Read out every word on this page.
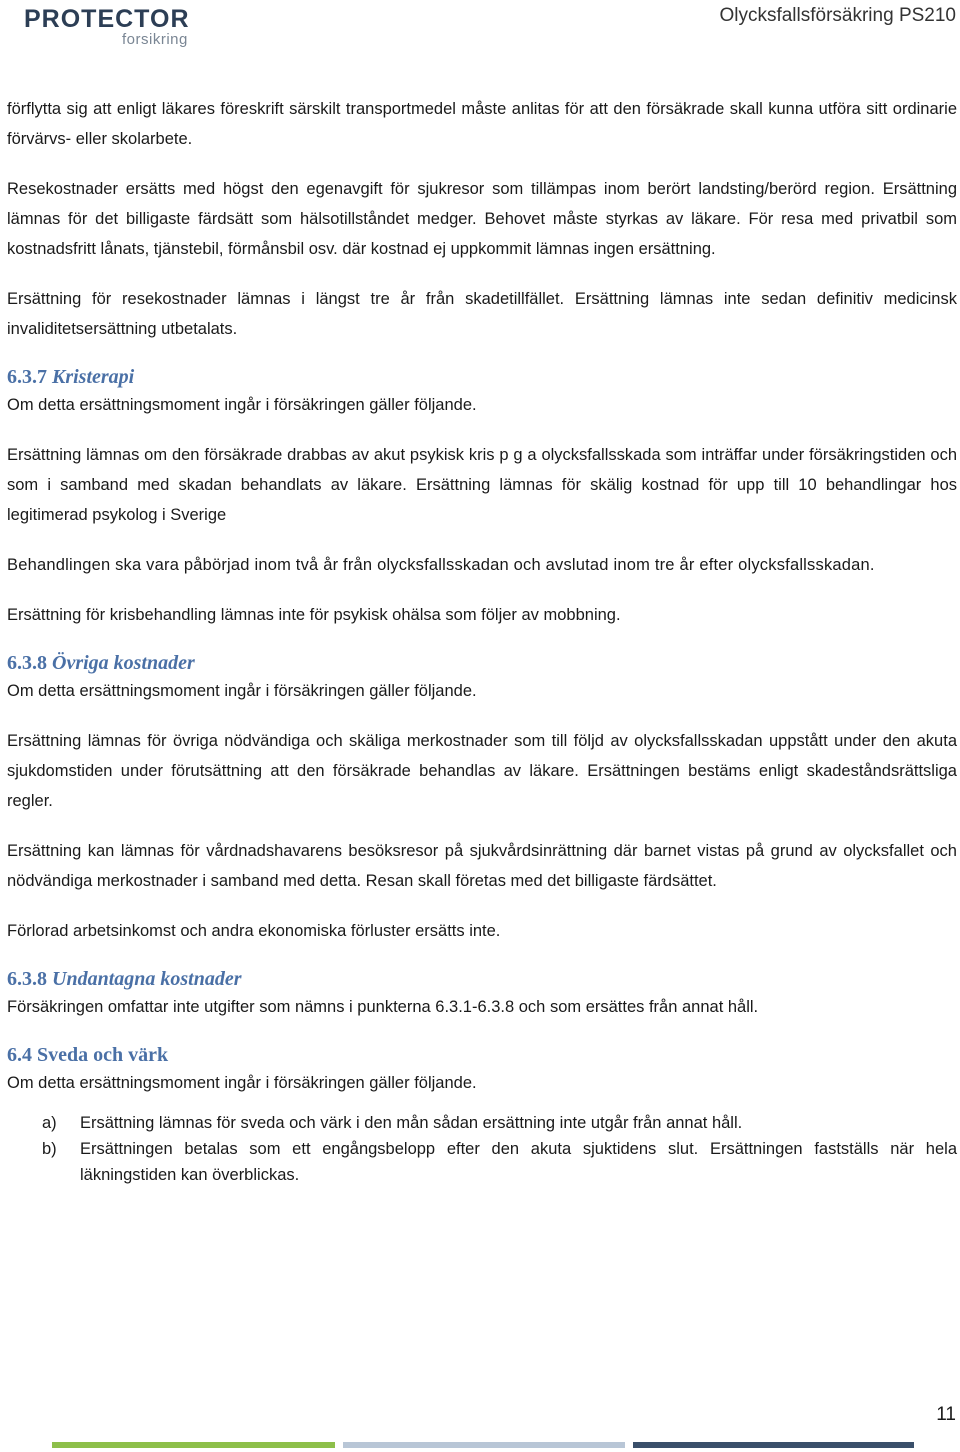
PROTECTOR
forsikring
Olycksfallsförsäkring PS210

förflytta sig att enligt läkares föreskrift särskilt transportmedel måste anlitas för att den försäkrade skall kunna utföra sitt ordinarie förvärvs- eller skolarbete.

Resekostnader ersätts med högst den egenavgift för sjukresor som tillämpas inom berört landsting/berörd region. Ersättning lämnas för det billigaste färdsätt som hälsotillståndet medger. Behovet måste styrkas av läkare. För resa med privatbil som kostnadsfritt lånats, tjänstebil, förmånsbil osv. där kostnad ej uppkommit lämnas ingen ersättning.

Ersättning för resekostnader lämnas i längst tre år från skadetillfället. Ersättning lämnas inte sedan definitiv medicinsk invaliditetsersättning utbetalats.

6.3.7 Kristerapi

Om detta ersättningsmoment ingår i försäkringen gäller följande.

Ersättning lämnas om den försäkrade drabbas av akut psykisk kris p g a olycksfallsskada som inträffar under försäkringstiden och som i samband med skadan behandlats av läkare. Ersättning lämnas för skälig kostnad för upp till 10 behandlingar hos legitimerad psykolog i Sverige

Behandlingen ska vara påbörjad inom två år från olycksfallsskadan och avslutad inom tre år efter olycksfallsskadan.

Ersättning för krisbehandling lämnas inte för psykisk ohälsa som följer av mobbning.

6.3.8 Övriga kostnader

Om detta ersättningsmoment ingår i försäkringen gäller följande.

Ersättning lämnas för övriga nödvändiga och skäliga merkostnader som till följd av olycksfallsskadan uppstått under den akuta sjukdomstiden under förutsättning att den försäkrade behandlas av läkare. Ersättningen bestäms enligt skadeståndsrättsliga regler.

Ersättning kan lämnas för vårdnadshavarens besöksresor på sjukvårdsinrättning där barnet vistas på grund av olycksfallet och nödvändiga merkostnader i samband med detta. Resan skall företas med det billigaste färdsättet.

Förlorad arbetsinkomst och andra ekonomiska förluster ersätts inte.

6.3.8 Undantagna kostnader

Försäkringen omfattar inte utgifter som nämns i punkterna 6.3.1-6.3.8 och som ersättes från annat håll.

6.4 Sveda och värk

Om detta ersättningsmoment ingår i försäkringen gäller följande.

a) Ersättning lämnas för sveda och värk i den mån sådan ersättning inte utgår från annat håll.
b) Ersättningen betalas som ett engångsbelopp efter den akuta sjuktidens slut. Ersättningen fastställs när hela läkningstiden kan överblickas.
11
